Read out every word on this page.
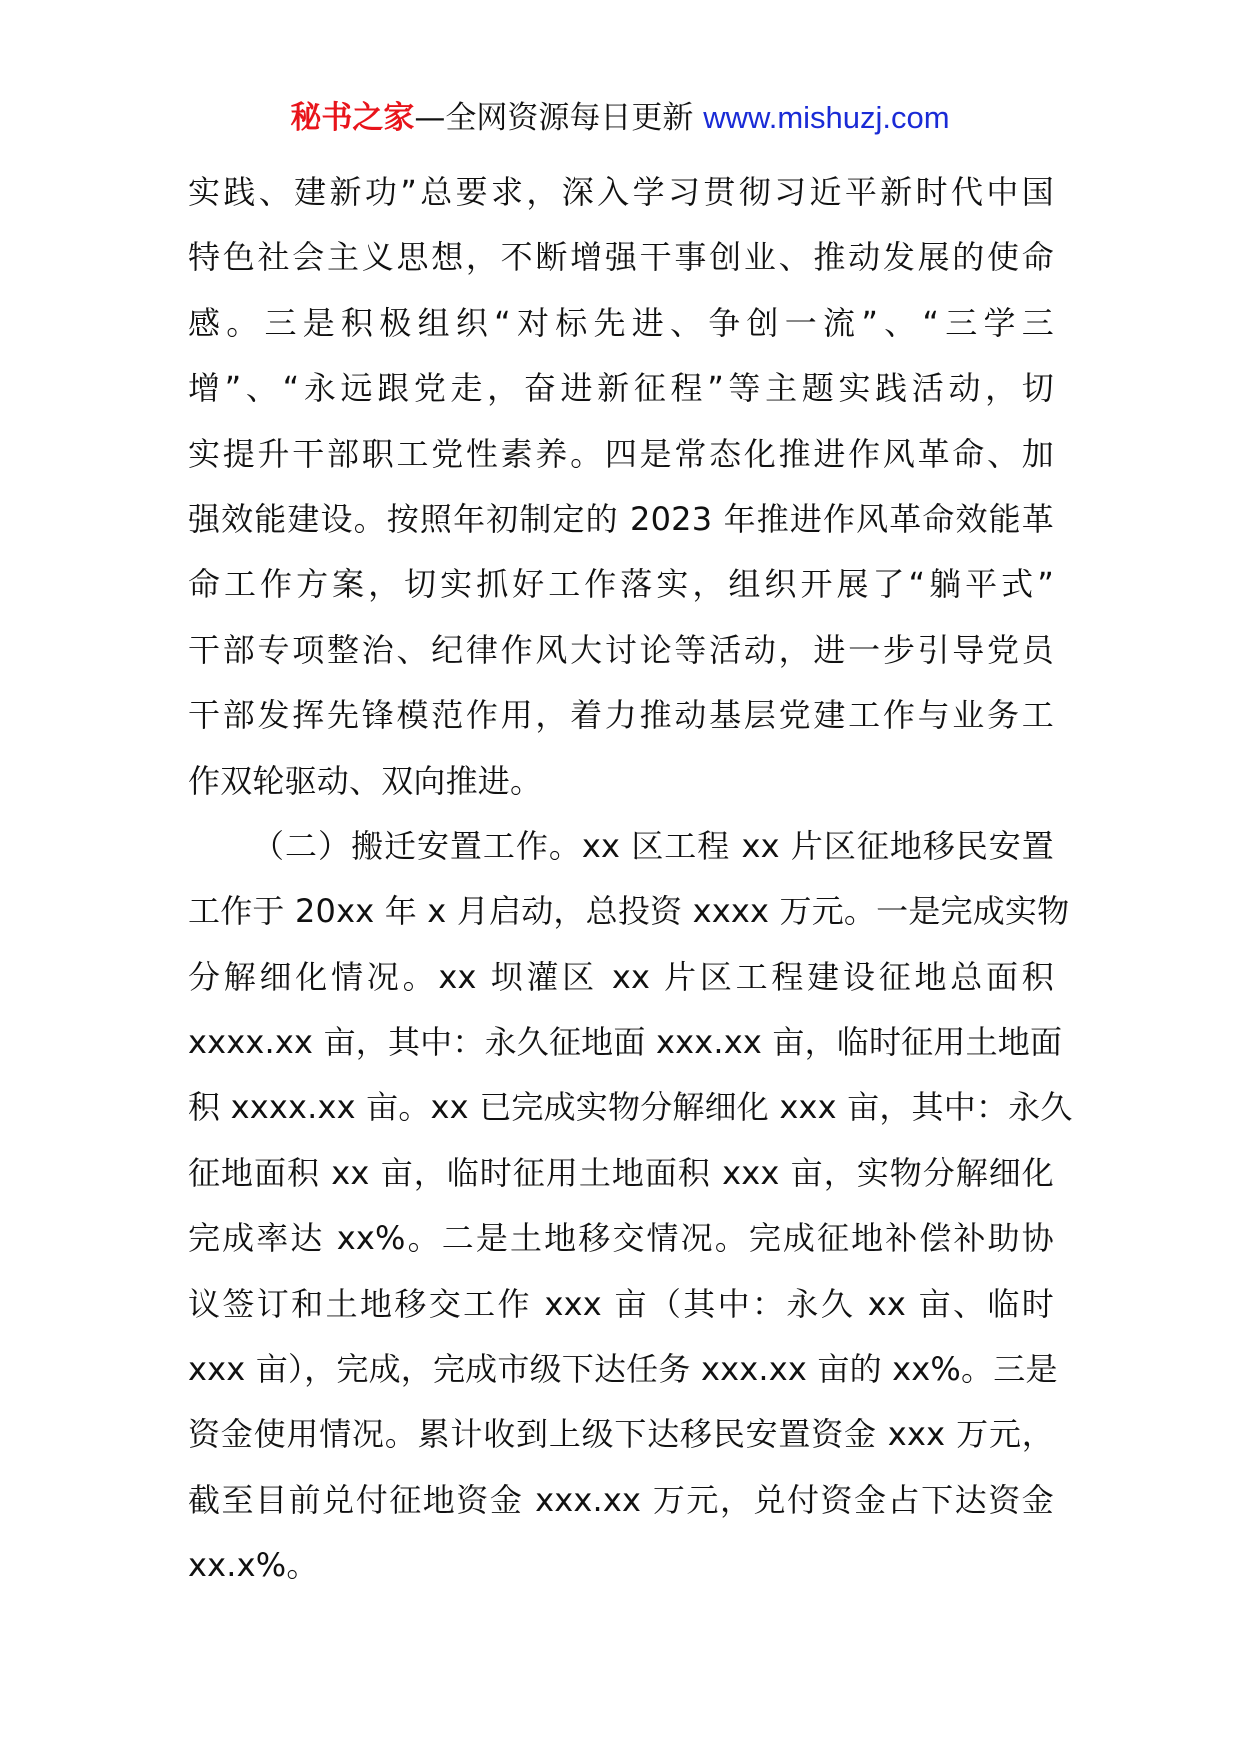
秘书之家—全网资源每日更新 www.mishuzj.com
实践、建新功”总要求，深入学习贯彻习近平新时代中国
特色社会主义思想，不断增强干事创业、推动发展的使命
感。三是积极组织“对标先进、争创一流”、“三学三
增”、“永远跟党走，奋进新征程”等主题实践活动，切
实提升干部职工党性素养。四是常态化推进作风革命、加
强效能建设。按照年初制定的 2023 年推进作风革命效能革
命工作方案，切实抓好工作落实，组织开展了“躺平式”
干部专项整治、纪律作风大讨论等活动，进一步引导党员
干部发挥先锋模范作用，着力推动基层党建工作与业务工
作双轮驱动、双向推进。
（二）搬迁安置工作。xx 区工程 xx 片区征地移民安置
工作于 20xx 年 x 月启动，总投资 xxxx 万元。一是完成实物
分解细化情况。xx 坝灌区 xx 片区工程建设征地总面积
xxxx.xx 亩，其中：永久征地面 xxx.xx 亩，临时征用土地面
积 xxxx.xx 亩。xx 已完成实物分解细化 xxx 亩，其中：永久
征地面积 xx 亩，临时征用土地面积 xxx 亩，实物分解细化
完成率达 xx%。二是土地移交情况。完成征地补偿补助协
议签订和土地移交工作 xxx 亩（其中：永久 xx 亩、临时
xxx 亩），完成，完成市级下达任务 xxx.xx 亩的 xx%。三是
资金使用情况。累计收到上级下达移民安置资金 xxx 万元，
截至目前兑付征地资金 xxx.xx 万元，兑付资金占下达资金
xx.x%。
